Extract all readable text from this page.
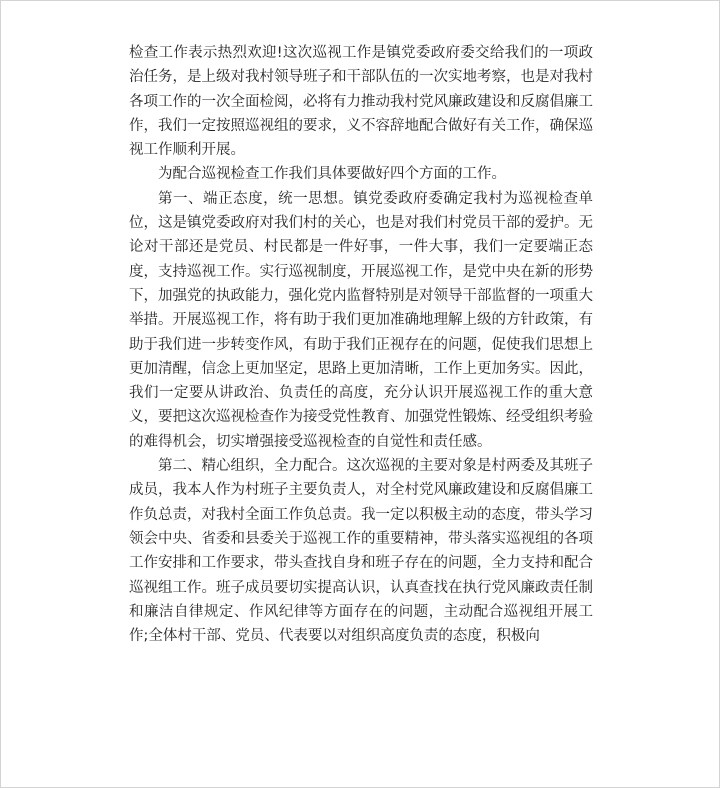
检查工作表示热烈欢迎!这次巡视工作是镇党委政府委交给我们的一项政治任务，是上级对我村领导班子和干部队伍的一次实地考察，也是对我村各项工作的一次全面检阅，必将有力推动我村党风廉政建设和反腐倡廉工作，我们一定按照巡视组的要求，义不容辞地配合做好有关工作，确保巡视工作顺利开展。

为配合巡视检查工作我们具体要做好四个方面的工作。

第一、端正态度，统一思想。镇党委政府委确定我村为巡视检查单位，这是镇党委政府对我们村的关心，也是对我们村党员干部的爱护。无论对干部还是党员、村民都是一件好事，一件大事，我们一定要端正态度，支持巡视工作。实行巡视制度，开展巡视工作，是党中央在新的形势下，加强党的执政能力，强化党内监督特别是对领导干部监督的一项重大举措。开展巡视工作，将有助于我们更加准确地理解上级的方针政策，有助于我们进一步转变作风，有助于我们正视存在的问题，促使我们思想上更加清醒，信念上更加坚定，思路上更加清晰，工作上更加务实。因此，我们一定要从讲政治、负责任的高度，充分认识开展巡视工作的重大意义，要把这次巡视检查作为接受党性教育、加强党性锻炼、经受组织考验的难得机会，切实增强接受巡视检查的自觉性和责任感。

第二、精心组织，全力配合。这次巡视的主要对象是村两委及其班子成员，我本人作为村班子主要负责人，对全村党风廉政建设和反腐倡廉工作负总责，对我村全面工作负总责。我一定以积极主动的态度，带头学习领会中央、省委和县委关于巡视工作的重要精神，带头落实巡视组的各项工作安排和工作要求，带头查找自身和班子存在的问题，全力支持和配合巡视组工作。班子成员要切实提高认识，认真查找在执行党风廉政责任制和廉洁自律规定、作风纪律等方面存在的问题，主动配合巡视组开展工作;全体村干部、党员、代表要以对组织高度负责的态度，积极向
